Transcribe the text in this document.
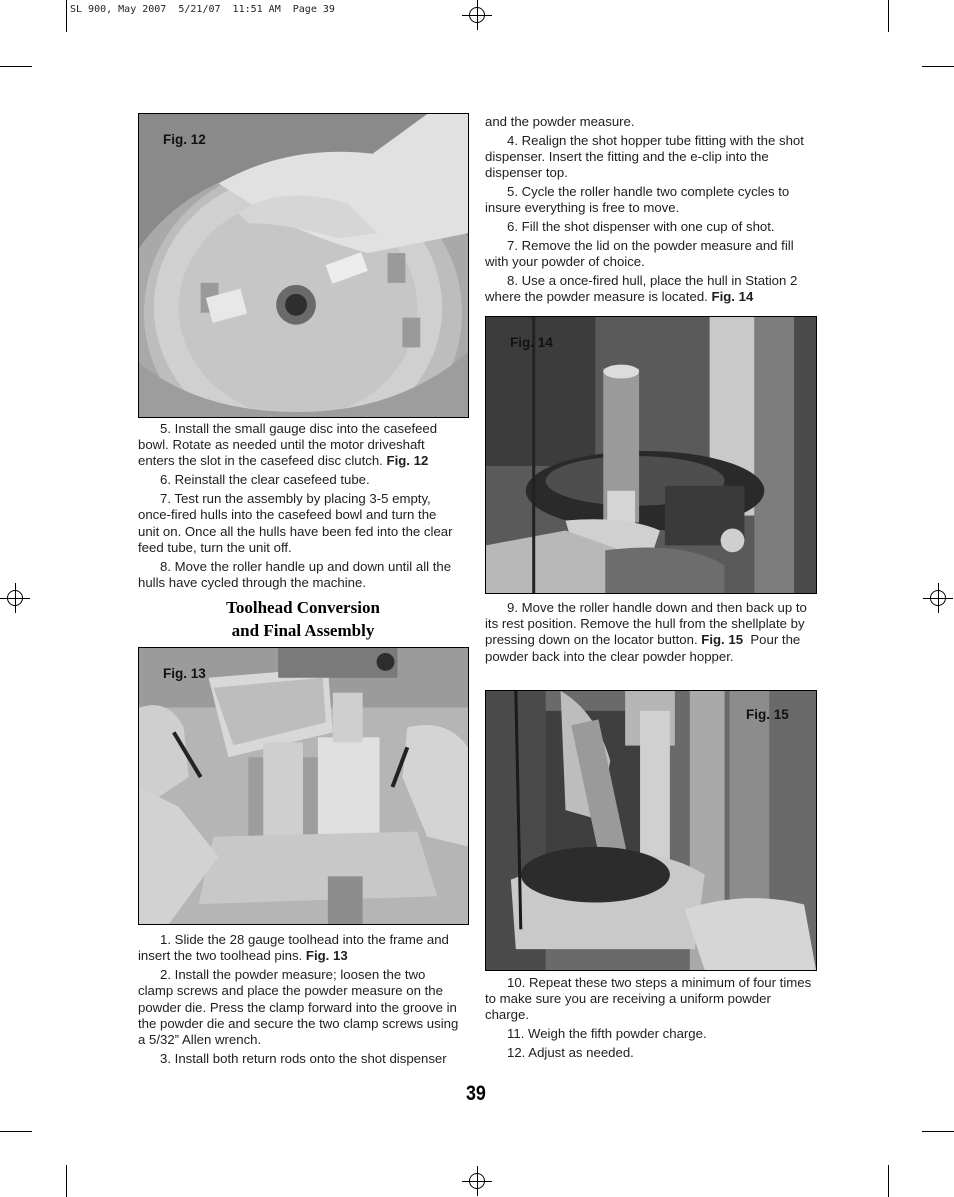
SL 900, May 2007  5/21/07  11:51 AM  Page 39
Fig. 12

5. Install the small gauge disc into the casefeed bowl. Rotate as needed until the motor driveshaft enters the slot in the casefeed disc clutch. Fig. 12

6. Reinstall the clear casefeed tube.

7. Test run the assembly by placing 3-5 empty, once-fired hulls into the casefeed bowl and turn the unit on. Once all the hulls have been fed into the clear feed tube, turn the unit off.

8. Move the roller handle up and down until all the hulls have cycled through the machine.

Toolhead Conversion
and Final Assembly
Fig. 13

1. Slide the 28 gauge toolhead into the frame and insert the two toolhead pins. Fig. 13

2. Install the powder measure; loosen the two clamp screws and place the powder measure on the powder die. Press the clamp forward into the groove in the powder die and secure the two clamp screws using a 5/32” Allen wrench.

3. Install both return rods onto the shot dispenser

and the powder measure.

4. Realign the shot hopper tube fitting with the shot dispenser. Insert the fitting and the e-clip into the dispenser top.

5. Cycle the roller handle two complete cycles to insure everything is free to move.

6. Fill the shot dispenser with one cup of shot.

7. Remove the lid on the powder measure and fill with your powder of choice.

8. Use a once-fired hull, place the hull in Station 2 where the powder measure is located. Fig. 14

Fig. 14

9. Move the roller handle down and then back up to its rest position. Remove the hull from the shellplate by pressing down on the locator button. Fig. 15 Pour the powder back into the clear powder hopper.

Fig. 15

10. Repeat these two steps a minimum of four times to make sure you are receiving a uniform powder charge.

11. Weigh the fifth powder charge.

12. Adjust as needed.

39
